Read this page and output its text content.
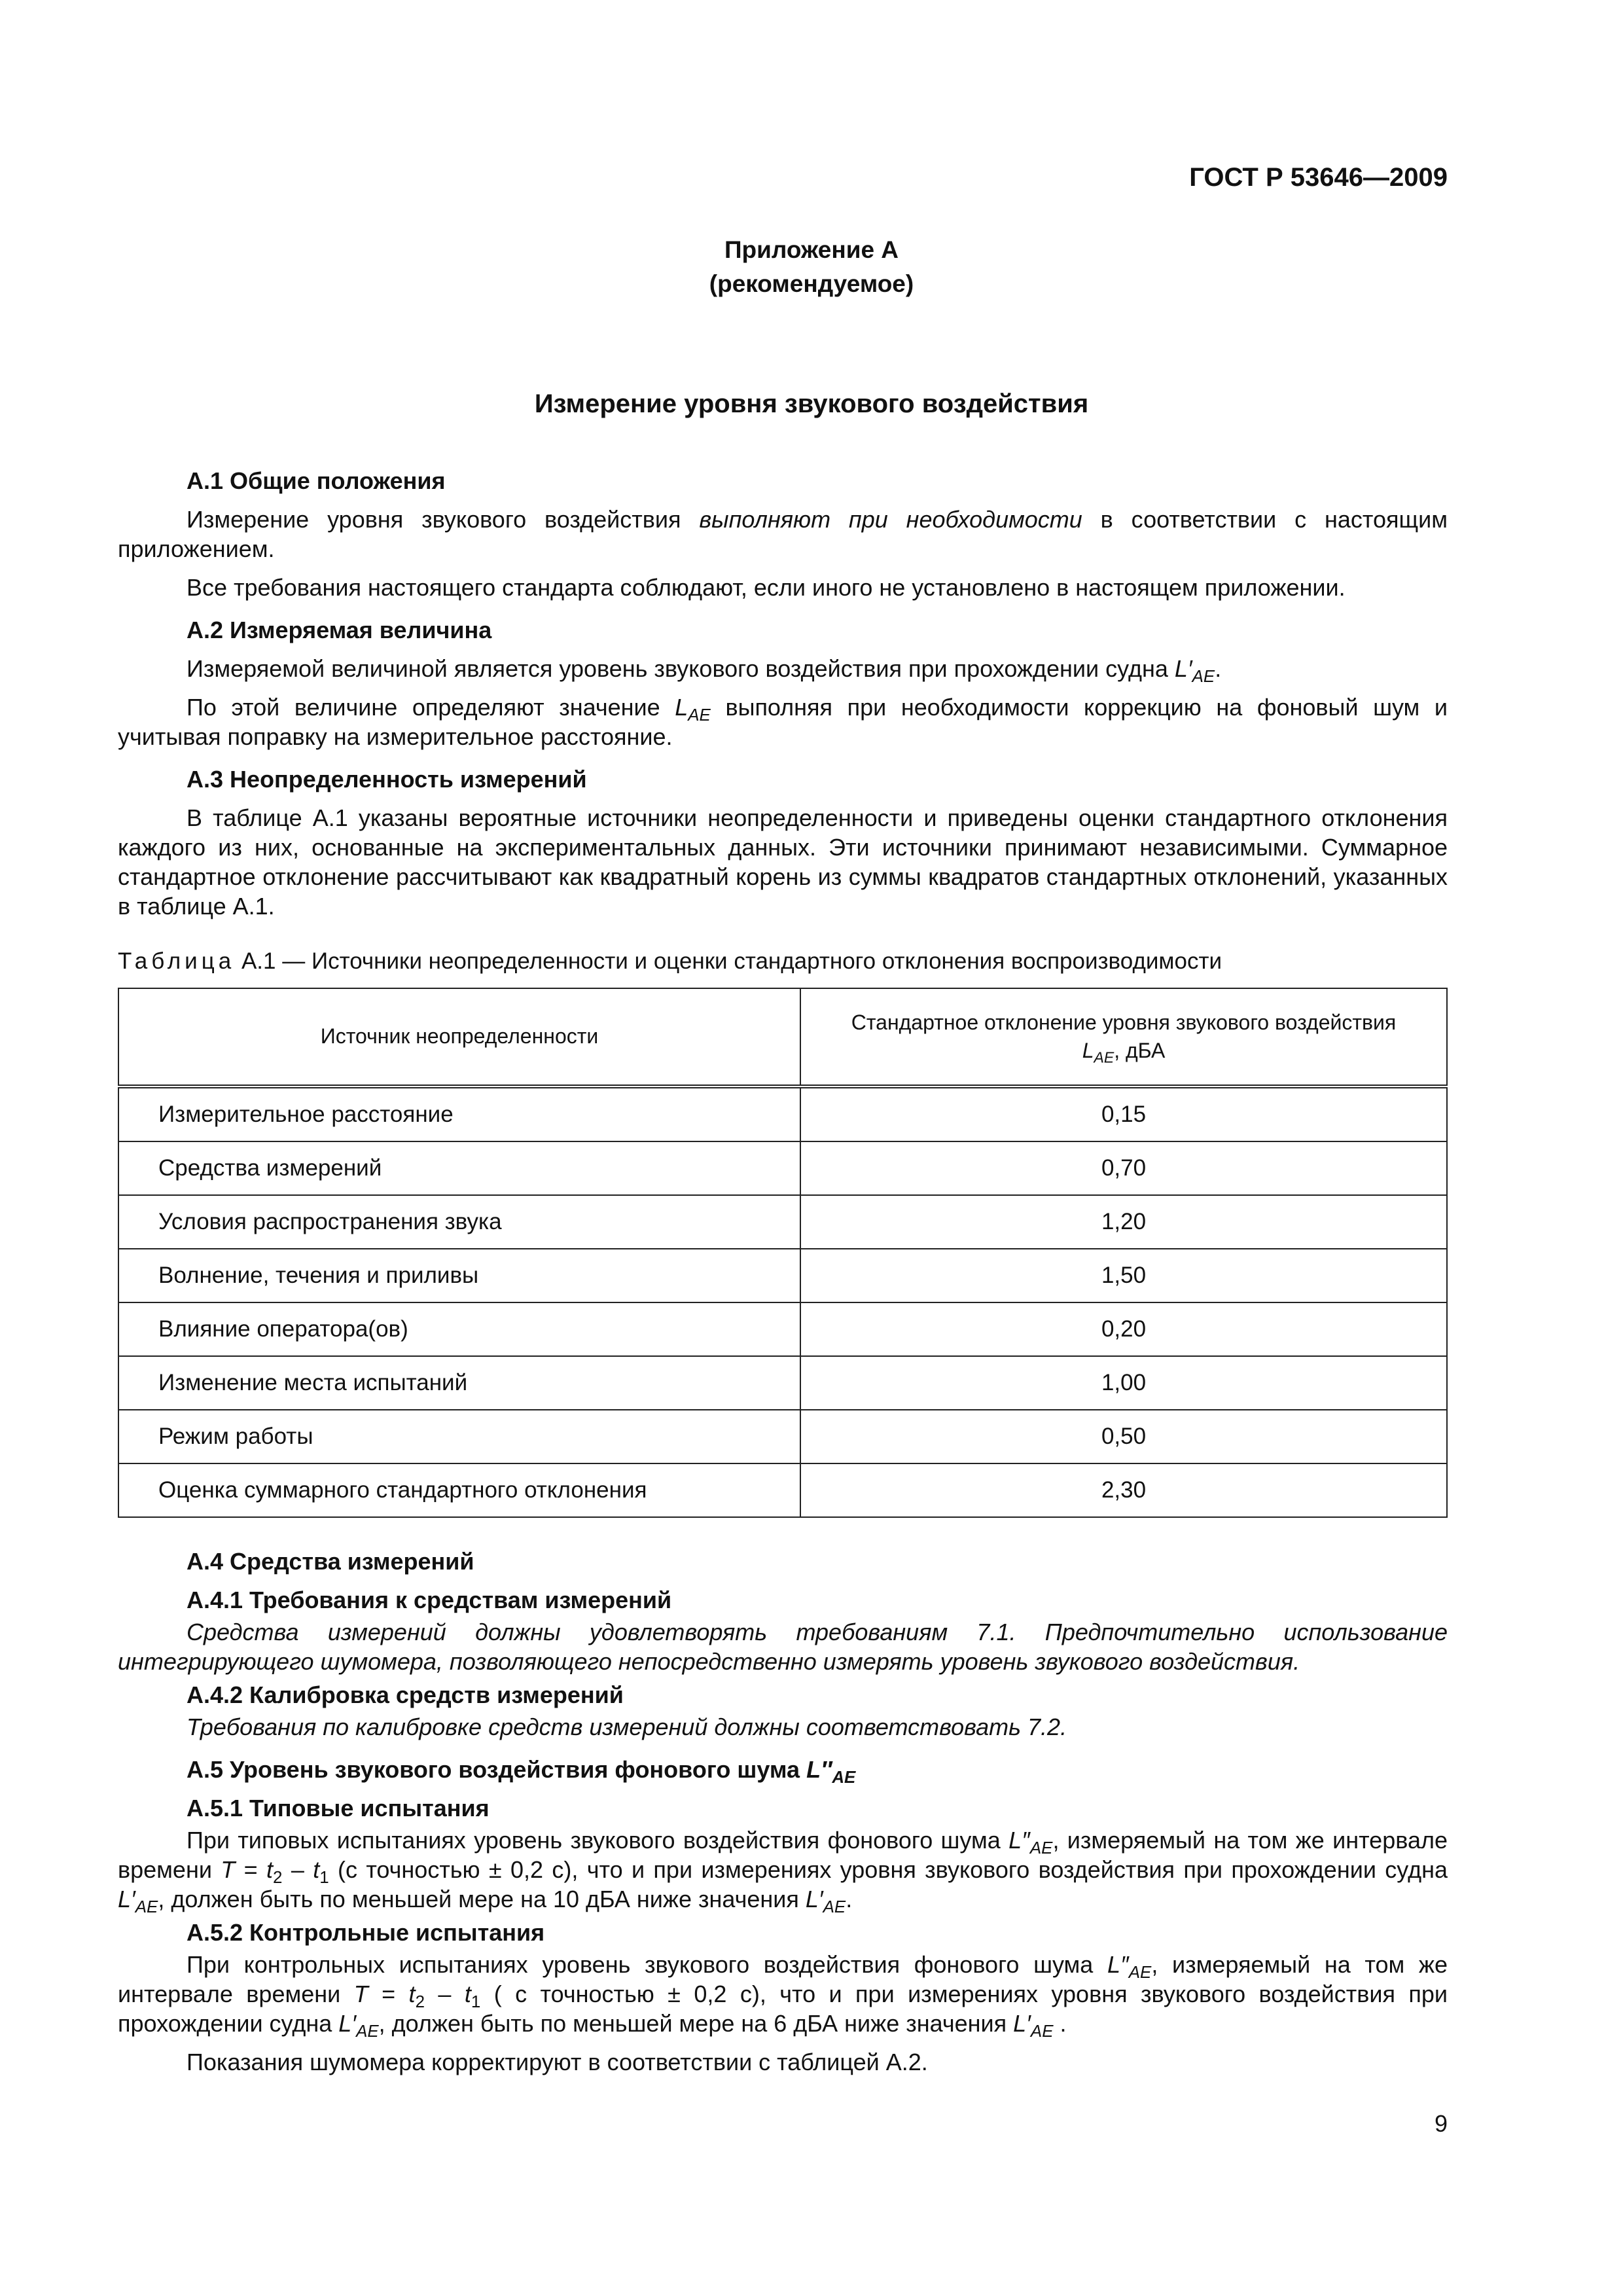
ГОСТ Р 53646—2009
Приложение А
(рекомендуемое)
Измерение уровня звукового воздействия
А.1 Общие положения

Измерение уровня звукового воздействия выполняют при необходимости в соответствии с настоящим приложением.

Все требования настоящего стандарта соблюдают, если иного не установлено в настоящем приложении.

А.2 Измеряемая величина

Измеряемой величиной является уровень звукового воздействия при прохождении судна $L'_{AE}$.

По этой величине определяют значение $L_{AE}$ выполняя при необходимости коррекцию на фоновый шум и учитывая поправку на измерительное расстояние.

А.3 Неопределенность измерений

В таблице А.1 указаны вероятные источники неопределенности и приведены оценки стандартного отклонения каждого из них, основанные на экспериментальных данных. Эти источники принимают независимыми. Суммарное стандартное отклонение рассчитывают как квадратный корень из суммы квадратов стандартных отклонений, указанных в таблице А.1.

Таблица А.1 — Источники неопределенности и оценки стандартного отклонения воспроизводимости
Источник неопределенности	Стандартное отклонение уровня звукового воздействия
$L_{AE}$, дБА
Измерительное расстояние	0,15
Средства измерений	0,70
Условия распространения звука	1,20
Волнение, течения и приливы	1,50
Влияние оператора(ов)	0,20
Изменение места испытаний	1,00
Режим работы	0,50
Оценка суммарного стандартного отклонения	2,30
А.4 Средства измерений
А.4.1 Требования к средствам измерений

Средства измерений должны удовлетворять требованиям 7.1. Предпочтительно использование интегрирующего шумомера, позволяющего непосредственно измерять уровень звукового воздействия.

А.4.2 Калибровка средств измерений

Требования по калибровке средств измерений должны соответствовать 7.2.

А.5 Уровень звукового воздействия фонового шума $L''_{AE}$
А.5.1 Типовые испытания

При типовых испытаниях уровень звукового воздействия фонового шума $L''_{AE}$, измеряемый на том же интервале времени $T = t_2 - t_1$ (с точностью ± 0,2 с), что и при измерениях уровня звукового воздействия при прохождении судна $L'_{AE}$, должен быть по меньшей мере на 10 дБА ниже значения $L'_{AE}$.

А.5.2 Контрольные испытания

При контрольных испытаниях уровень звукового воздействия фонового шума $L''_{AE}$, измеряемый на том же интервале времени $T = t_2 - t_1$ ( с точностью ± 0,2 с), что и при измерениях уровня звукового воздействия при прохождении судна $L'_{AE}$, должен быть по меньшей мере на 6 дБА ниже значения $L'_{AE}$ .

Показания шумомера корректируют в соответствии с таблицей А.2.

9
